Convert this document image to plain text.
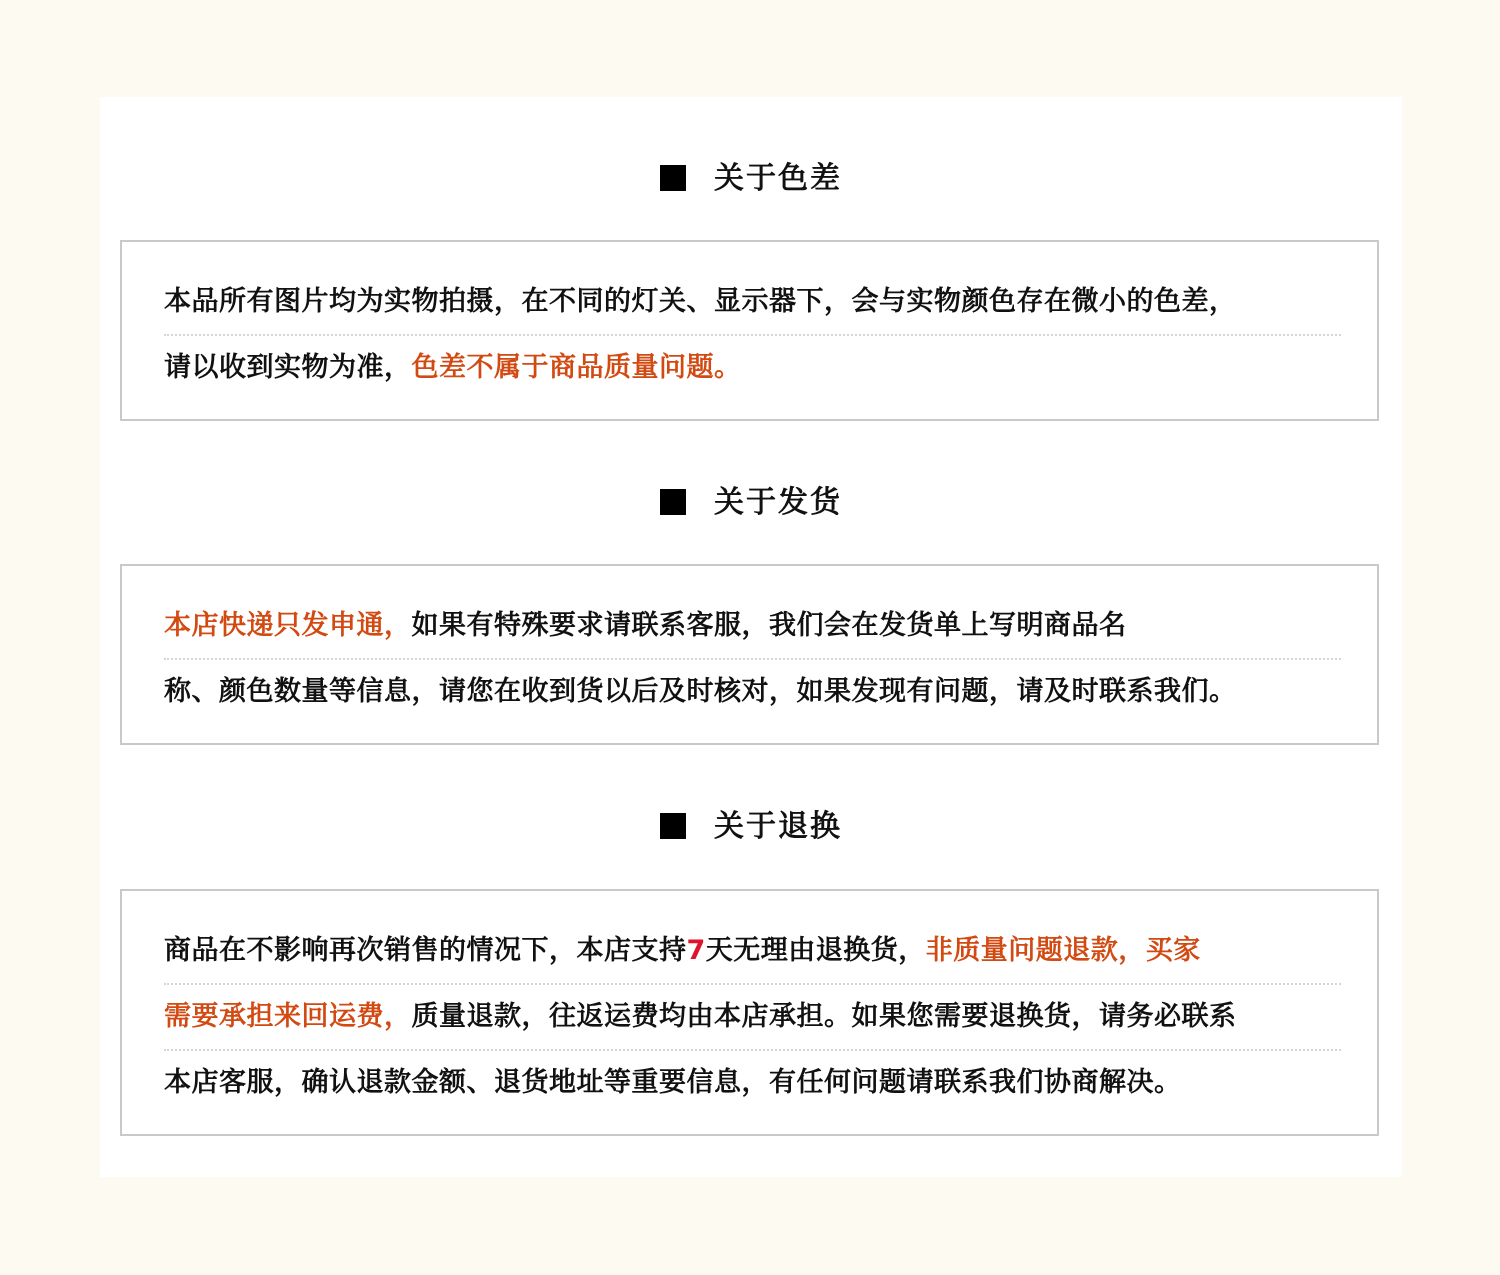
关于色差
本品所有图片均为实物拍摄，在不同的灯关、显示器下，会与实物颜色存在微小的色差，
请以收到实物为准，色差不属于商品质量问题。
关于发货
本店快递只发申通，如果有特殊要求请联系客服，我们会在发货单上写明商品名
称、颜色数量等信息，请您在收到货以后及时核对，如果发现有问题，请及时联系我们。
关于退换
商品在不影响再次销售的情况下，本店支持7天无理由退换货，非质量问题退款，买家
需要承担来回运费，质量退款，往返运费均由本店承担。如果您需要退换货，请务必联系
本店客服，确认退款金额、退货地址等重要信息，有任何问题请联系我们协商解决。
